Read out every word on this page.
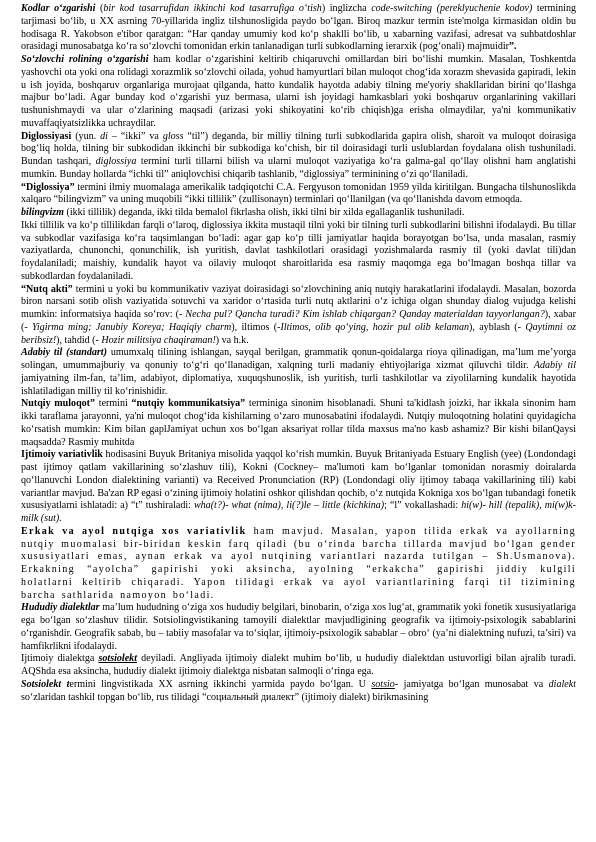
Kodlar o‘zgarishi (bir kod tasarrufidan ikkinchi kod tasarrufiga o‘tish) inglizcha code-switching (pereklyuchenie kodov) termining tarjimasi bo‘lib, u XX asrning 70-yillarida ingliz tilshunosligida paydo bo‘lgan. Biroq mazkur termin iste'molga kirmasidan oldin bu hodisaga R. Yakobson e'tibor qaratgan: “Har qanday umumiy kod ko‘p shaklli bo‘lib, u xabarning vazifasi, adresat va suhbatdoshlar orasidagi munosabatga ko‘ra so‘zlovchi tomonidan erkin tanlanadigan turli subkodlarning ierarxik (pog‘onali) majmuidir”.

So‘zlovchi rolining o‘zgarishi ham kodlar o‘zgarishini keltirib chiqaruvchi omillardan biri bo‘lishi mumkin. Masalan, Toshkentda yashovchi ota yoki ona rolidagi xorazmlik so‘zlovchi oilada, yohud hamyurtlari bilan muloqot chog‘ida xorazm shevasida gapiradi, lekin u ish joyida, boshqaruv organlariga murojaat qilganda, hatto kundalik hayotda adabiy tilning me'yoriy shakllaridan birini qo‘llashga majbur bo‘ladi. Agar bunday kod o‘zgarishi yuz bermasa, ularni ish joyidagi hamkasblari yoki boshqaruv organlarining vakillari tushunishmaydi va ular o‘zlarining maqsadi (arizasi yoki shikoyatini ko‘rib chiqish)ga erisha olmaydilar, ya'ni kommunikativ muvaffaqiyatsizlikka uchraydilar.

Diglossiyasi (yun. di – “ikki” va gloss “til”) deganda, bir milliy tilning turli subkodlarida gapira olish, sharoit va muloqot doirasiga bog‘liq holda, tilning bir subkodidan ikkinchi bir subkodiga ko‘chish, bir til doirasidagi turli uslublardan foydalana olish tushuniladi. Bundan tashqari, diglossiya termini turli tillarni bilish va ularni muloqot vaziyatiga ko‘ra galma-gal qo‘llay olishni ham anglatishi mumkin. Bunday hollarda “ichki til” aniqlovchisi chiqarib tashlanib, “diglossiya” terminining o‘zi qo‘llaniladi.

“Diglossiya” termini ilmiy muomalaga amerikalik tadqiqotchi C.A. Fergyuson tomonidan 1959 yilda kiritilgan. Bungacha tilshunoslikda xalqaro “bilingvizm” va uning muqobili “ikki tillilik” (zullisonayn) terminlari qo‘llanilgan (va qo‘llanishda davom etmoqda.

bilingvizm (ikki tillilik) deganda, ikki tilda bemalol fikrlasha olish, ikki tilni bir xilda egallaganlik tushuniladi.

Ikki tillilik va ko‘p tillilikdan farqli o‘laroq, diglossiya ikkita mustaqil tilni yoki bir tilning turli subkodlarini bilishni ifodalaydi. Bu tillar va subkodlar vazifasiga ko‘ra taqsimlangan bo‘ladi: agar gap ko‘p tilli jamiyatlar haqida borayotgan bo‘lsa, unda masalan, rasmiy vaziyatlarda, chunonchi, qonunchilik, ish yuritish, davlat tashkilotlari orasidagi yozishmalarda rasmiy til (yoki davlat tili)dan foydalaniladi; maishiy, kundalik hayot va oilaviy muloqot sharoitlarida esa rasmiy maqomga ega bo‘lmagan boshqa tillar va subkodlardan foydalaniladi.

“Nutq akti” termini u yoki bu kommunikativ vaziyat doirasidagi so‘zlovchining aniq nutqiy harakatlarini ifodalaydi. Masalan, bozorda biron narsani sotib olish vaziyatida sotuvchi va xaridor o‘rtasida turli nutq aktlarini o‘z ichiga olgan shunday dialog vujudga kelishi mumkin: informatsiya haqida so‘rov: (- Necha pul? Qancha turadi? Kim ishlab chiqargan? Qanday materialdan tayyorlangan?), xabar (- Yigirma ming; Janubiy Koreya; Haqiqiy charm), iltimos (-Iltimos, olib qo‘ying, hozir pul olib kelaman), ayblash (- Qaytimni oz beribsiz!), tahdid (- Hozir militsiya chaqiraman!) va h.k.

Adabiy til (standart) umumxalq tilining ishlangan, sayqal berilgan, grammatik qonun-qoidalarga rioya qilinadigan, ma’lum me’yorga solingan, umummajburiy va qonuniy to‘g‘ri qo‘llanadigan, xalqning turli madaniy ehtiyojlariga xizmat qiluvchi tildir. Adabiy til jamiyatning ilm-fan, ta’lim, adabiyot, diplomatiya, xuquqshunoslik, ish yuritish, turli tashkilotlar va ziyolilarning kundalik hayotida ishlatiladigan milliy til ko‘rinishidir.

Nutqiy muloqot” termini “nutqiy kommunikatsiya” terminiga sinonim hisoblanadi. Shuni ta'kidlash joizki, har ikkala sinonim ham ikki taraflama jarayonni, ya'ni muloqot chog‘ida kishilarning o‘zaro munosabatini ifodalaydi. Nutqiy muloqotning holatini quyidagicha ko‘rsatish mumkin: Kim bilan gaplJamiyat uchun xos bo‘lgan aksariyat rollar tilda maxsus ma'no kasb ashamiz? Bir kishi bilanQaysi maqsadda? Rasmiy muhitda

Ijtimoiy variativlik hodisasini Buyuk Britaniya misolida yaqqol ko‘rish mumkin. Buyuk Britaniyada Estuary English (yee) (Londondagi past ijtimoy qatlam vakillarining so‘zlashuv tili), Kokni (Cockney– ma'lumoti kam bo‘lganlar tomonidan norasmiy doiralarda qo‘llanuvchi London dialektining varianti) va Received Pronunciation (RP) (Londondagi oliy ijtimoy tabaqa vakillarining tili) kabi variantlar mavjud. Ba'zan RP egasi o‘zining ijtimoiy holatini oshkor qilishdan qochib, o‘z nutqida Kokniga xos bo‘lgan tubandagi fonetik xususiyatlarni ishlatadi: a) “t” tushiraladi: wha(t?)- what (nima), li(?)le – little (kichkina); “l” vokallashadi: hi(w)- hill (tepalik), mi(w)k- milk (sut).

Erkak va ayol nutqiga xos variativlik ham mavjud. Masalan, yapon tilida erkak va ayollarning nutqiy muomalasi bir-biridan keskin farq qiladi (bu o‘rinda barcha tillarda mavjud bo‘lgan gender xususiyatlari emas, aynan erkak va ayol nutqining variantlari nazarda tutilgan – Sh.Usmanova). Erkakning “ayolcha” gapirishi yoki aksincha, ayolning “erkakcha” gapirishi jiddiy kulgili holatlarni keltirib chiqaradi. Yapon tilidagi erkak va ayol variantlarining farqi til tizimining barcha sathlarida namoyon bo‘ladi.

Hududiy dialektlar ma’lum hududning o‘ziga xos hududiy belgilari, binobarin, o‘ziga xos lug‘at, grammatik yoki fonetik xususiyatlariga ega bo‘lgan so‘zlashuv tilidir. Sotsiolingvistikaning tamoyili dialektlar mavjudligining geografik va ijtimoiy-psixologik sabablarini o‘rganishdir. Geografik sabab, bu – tabiiy masofalar va to‘siqlar, ijtimoiy-psixologik sabablar – obro‘ (ya’ni dialektning nufuzi, ta’siri) va hamfikrlikni ifodalaydi.

Ijtimoiy dialektga sotsiolekt deyiladi. Angliyada ijtimoiy dialekt muhim bo‘lib, u hududiy dialektdan ustuvorligi bilan ajralib turadi. AQShda esa aksincha, hududiy dialekt ijtimoiy dialektga nisbatan salmoqli o‘ringa ega.

Sotsiolekt termini lingvistikada XX asrning ikkinchi yarmida paydo bo‘lgan. U sotsio- jamiyatga bo‘lgan munosabat va dialekt so‘zlaridan tashkil topgan bo‘lib, rus tilidagi “социальный диалект” (ijtimoiy dialekt) birikmasining
